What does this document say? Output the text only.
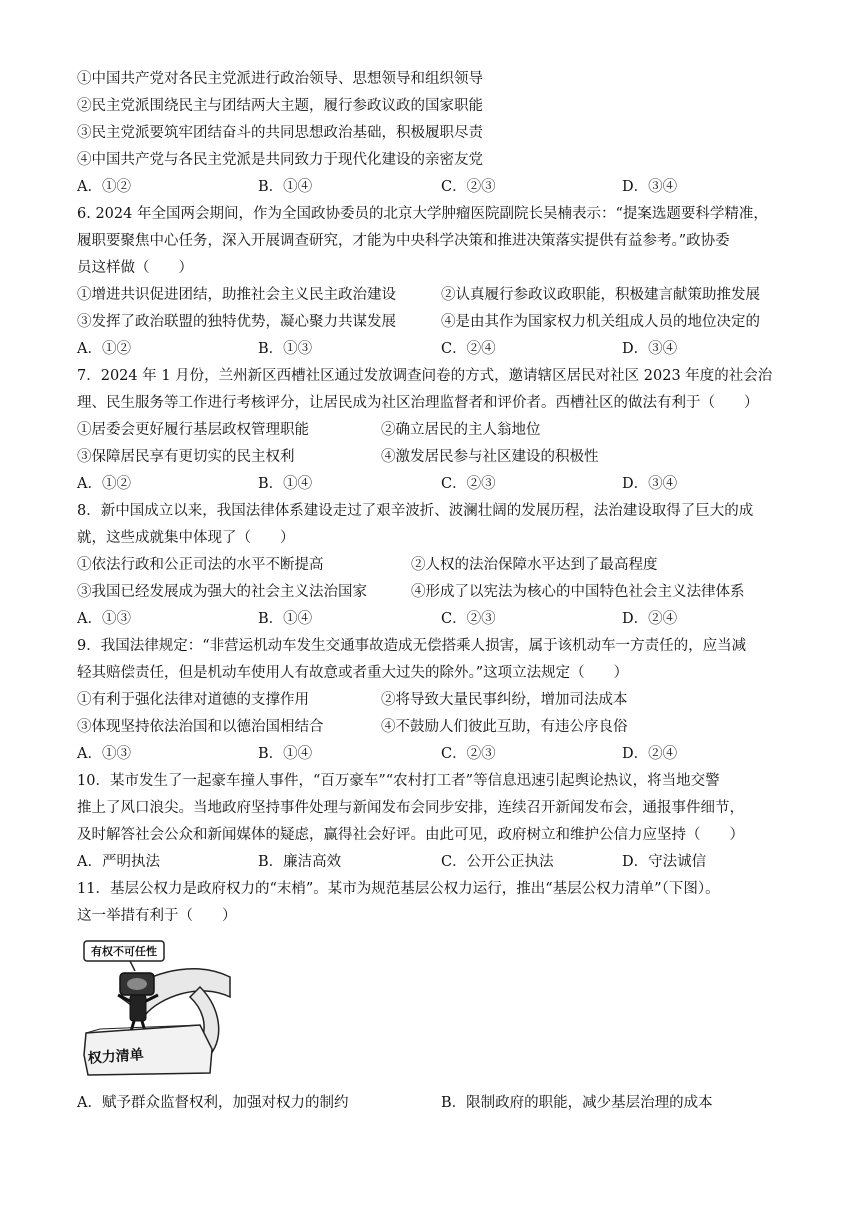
①中国共产党对各民主党派进行政治领导、思想领导和组织领导
②民主党派围绕民主与团结两大主题，履行参政议政的国家职能
③民主党派要筑牢团结奋斗的共同思想政治基础，积极履职尽责
④中国共产党与各民主党派是共同致力于现代化建设的亲密友党
A．①②	B．①④	C．②③	D．③④
6. 2024 年全国两会期间，作为全国政协委员的北京大学肿瘤医院副院长吴楠表示：“提案选题要科学精准，
履职要聚焦中心任务，深入开展调查研究，才能为中央科学决策和推进决策落实提供有益参考。”政协委
员这样做（　　）
①增进共识促进团结，助推社会主义民主政治建设	②认真履行参政议政职能，积极建言献策助推发展
③发挥了政治联盟的独特优势，凝心聚力共谋发展	④是由其作为国家权力机关组成人员的地位决定的
A．①②	B．①③	C．②④	D．③④
7．2024 年 1 月份，兰州新区西槽社区通过发放调查问卷的方式，邀请辖区居民对社区 2023 年度的社会治
理、民生服务等工作进行考核评分，让居民成为社区治理监督者和评价者。西槽社区的做法有利于（　　）
①居委会更好履行基层政权管理职能	②确立居民的主人翁地位
③保障居民享有更切实的民主权利	④激发居民参与社区建设的积极性
A．①②	B．①④	C．②③	D．③④
8．新中国成立以来，我国法律体系建设走过了艰辛波折、波澜壮阔的发展历程，法治建设取得了巨大的成
就，这些成就集中体现了（　　）
①依法行政和公正司法的水平不断提高	②人权的法治保障水平达到了最高程度
③我国已经发展成为强大的社会主义法治国家	④形成了以宪法为核心的中国特色社会主义法律体系
A．①③	B．①④	C．②③	D．②④
9．我国法律规定：“非营运机动车发生交通事故造成无偿搭乘人损害，属于该机动车一方责任的，应当减
轻其赔偿责任，但是机动车使用人有故意或者重大过失的除外。”这项立法规定（　　）
①有利于强化法律对道德的支撑作用	②将导致大量民事纠纷，增加司法成本
③体现坚持依法治国和以德治国相结合	④不鼓励人们彼此互助，有违公序良俗
A．①③	B．①④	C．②③	D．②④
10．某市发生了一起豪车撞人事件，“百万豪车”“农村打工者”等信息迅速引起舆论热议，将当地交警
推上了风口浪尖。当地政府坚持事件处理与新闻发布会同步安排，连续召开新闻发布会，通报事件细节，
及时解答社会公众和新闻媒体的疑虑，赢得社会好评。由此可见，政府树立和维护公信力应坚持（　　）
A．严明执法	B．廉洁高效	C．公开公正执法	D．守法诚信
11．基层公权力是政府权力的“末梢”。某市为规范基层公权力运行，推出“基层公权力清单”（下图）。
这一举措有利于（　　）
有权不可任性
权力清单
A．赋予群众监督权利，加强对权力的制约	B．限制政府的职能，减少基层治理的成本
